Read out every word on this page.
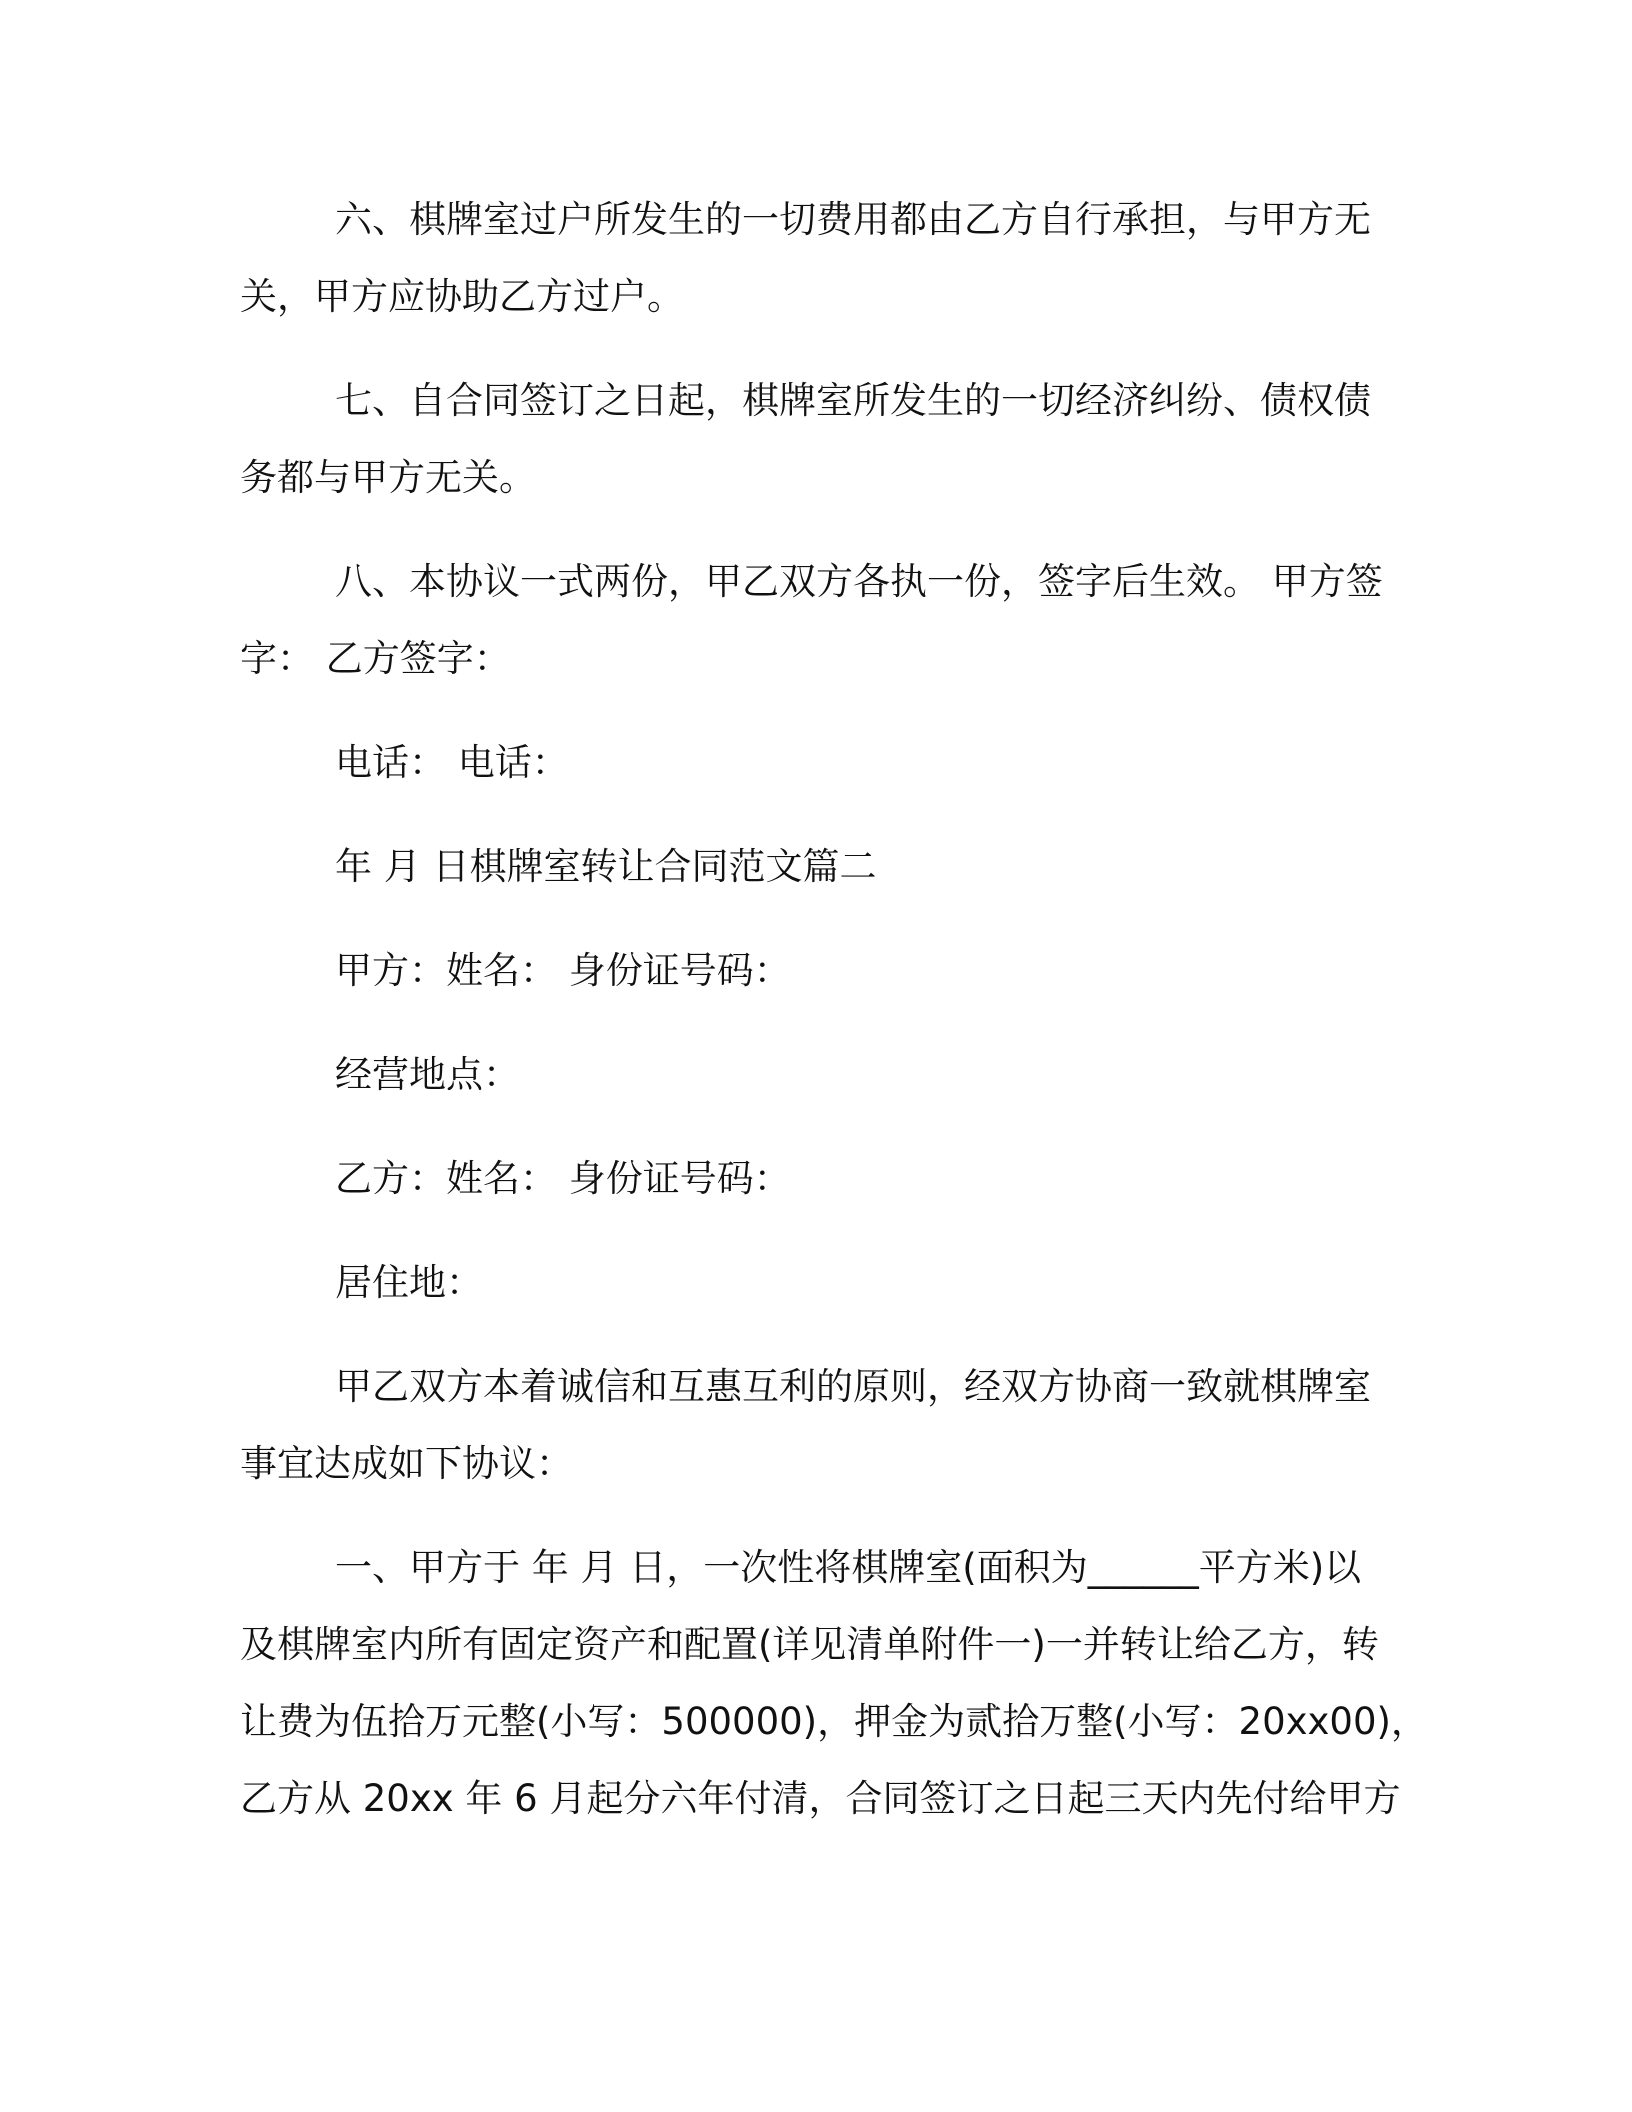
六、棋牌室过户所发生的一切费用都由乙方自行承担，与甲方无
关，甲方应协助乙方过户。
七、自合同签订之日起，棋牌室所发生的一切经济纠纷、债权债
务都与甲方无关。
八、本协议一式两份，甲乙双方各执一份，签字后生效。 甲方签
字： 乙方签字：
电话： 电话：
年 月 日棋牌室转让合同范文篇二
甲方：姓名： 身份证号码：
经营地点：
乙方：姓名： 身份证号码：
居住地：
甲乙双方本着诚信和互惠互利的原则，经双方协商一致就棋牌室
事宜达成如下协议：
一、甲方于 年 月 日，一次性将棋牌室(面积为______平方米)以
及棋牌室内所有固定资产和配置(详见清单附件一)一并转让给乙方，转
让费为伍拾万元整(小写：500000)，押金为贰拾万整(小写：20xx00)，
乙方从 20xx 年 6 月起分六年付清，合同签订之日起三天内先付给甲方
